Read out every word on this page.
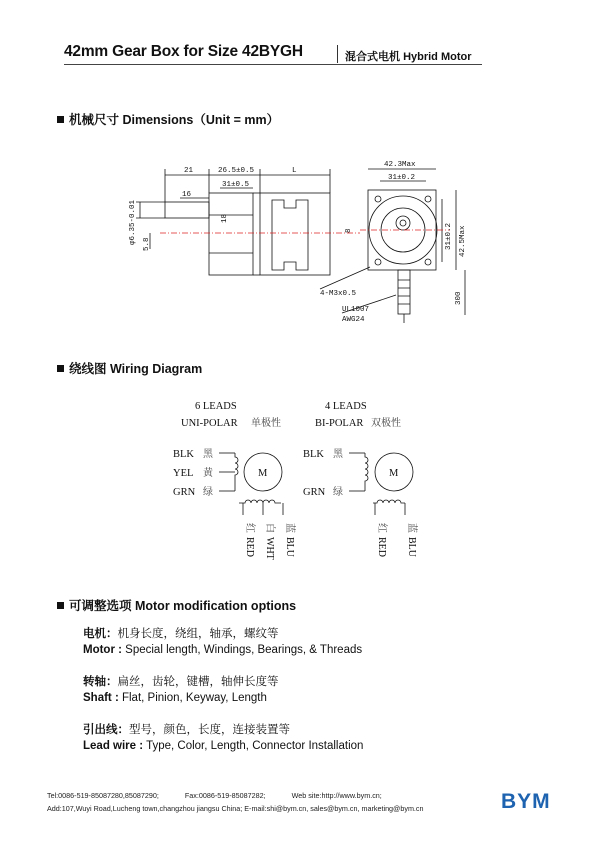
42mm Gear Box for Size 42BYGH	混合式电机 Hybrid Motor
机械尺寸 Dimensions（Unit = mm）
21	26.5±0.5	L
31±0.5
16
18
φ6.35-0.01 5.8
42.3Max
31±0.2
8	31±0.2 42.5Max
4-M3x0.5
UL1007
AWG24
300
绕线图 Wiring Diagram
6 LEADS
UNI-POLAR 单极性
4 LEADS
BI-POLAR 双极性
BLK 黑
YEL 黄
GRN 绿
BLK 黑
GRN 绿
M	M
红 白 蓝
RED WHT BLU
红 蓝
RED BLU
可调整选项 Motor modification options
电机：机身长度，绕组，轴承，螺纹等
Motor : Special length, Windings, Bearings, & Threads
转轴：扁丝，齿轮，键槽，轴伸长度等
Shaft : Flat, Pinion, Keyway, Length
引出线：型号，颜色，长度，连接装置等
Lead wire : Type, Color, Length, Connector Installation
Tel:0086-519-85087280,85087290;	Fax:0086-519-85087282;	Web site:http://www.bym.cn;
Add:107,Wuyi Road,Lucheng town,changzhou jiangsu China; E-mail:shi@bym.cn, sales@bym.cn, marketing@bym.cn	BYM
